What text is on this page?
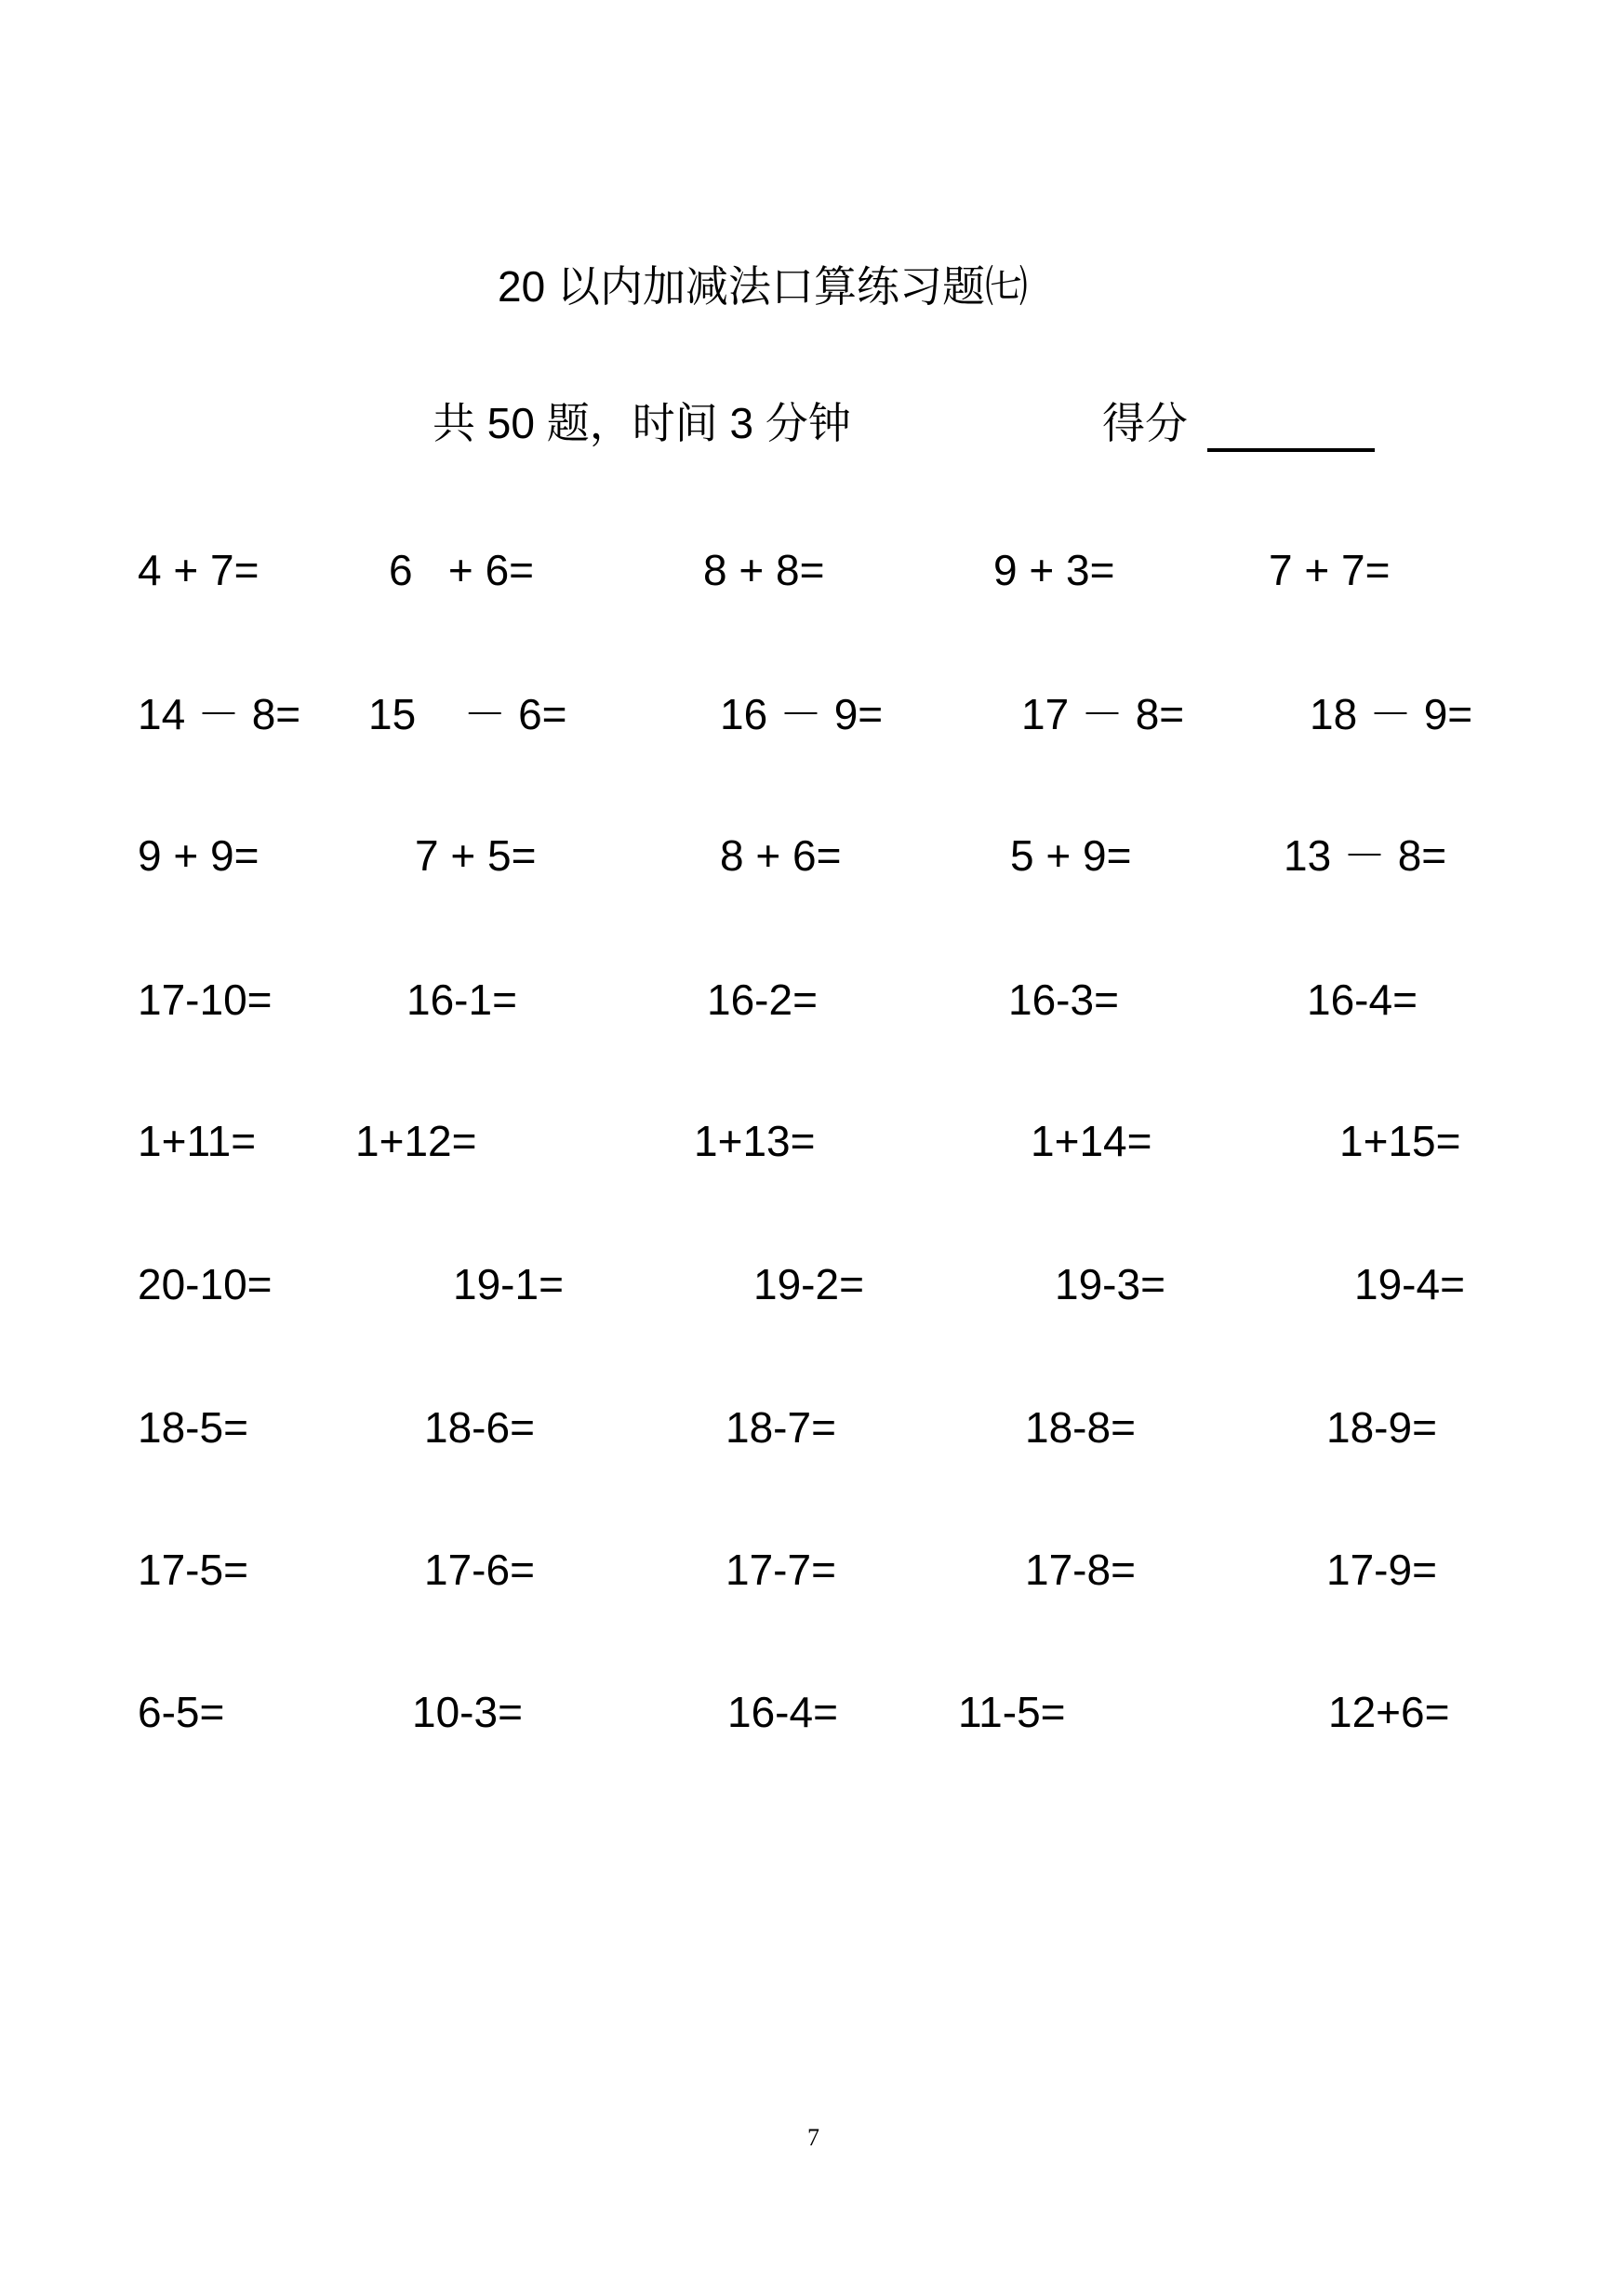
20 以内加减法口算练习题㈦
共 50 题，时间 3 分钟	得分
4 + 7=	6   + 6=	8 + 8=	9 + 3=	7 + 7=
14 － 8= 15    － 6=	16 － 9=	17 － 8=	18 － 9=
9 + 9=	7 + 5=	8 + 6=	5 + 9=	13 － 8=
17-10=	16-1=	16-2=	16-3=	16-4=
1+11= 1+12=	1+13=	1+14=	1+15=
20-10=	19-1=	19-2=	19-3=	19-4=
18-5=	18-6=	18-7=	18-8=	18-9=
17-5=	17-6=	17-7=	17-8=	17-9=
6-5=	10-3=	16-4=	11-5=	12+6=
7
